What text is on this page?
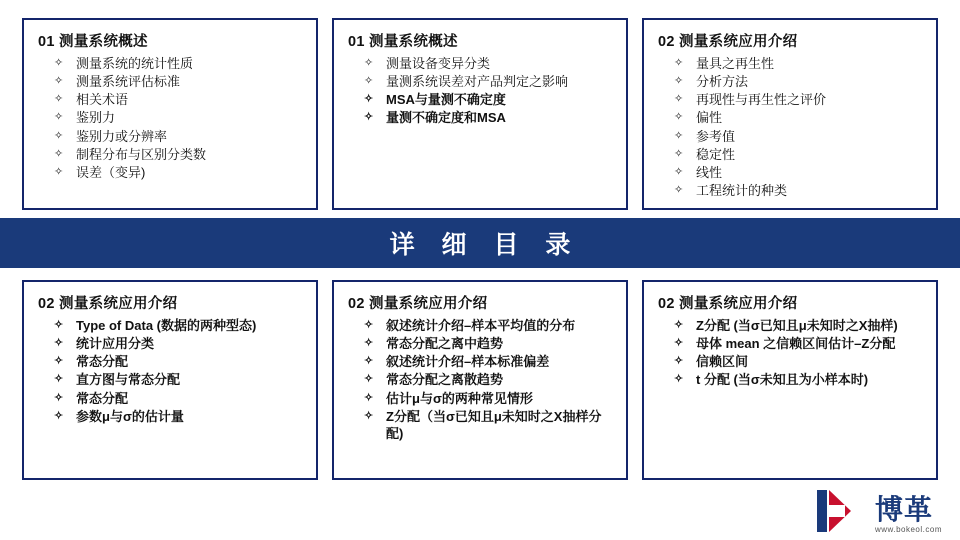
01 测量系统概述
✧ 测量系统的统计性质
✧ 测量系统评估标准
✧ 相关术语
✧ 鉴别力
✧ 鉴别力或分辨率
✧ 制程分布与区别分类数
✧ 误差（变异)
01 测量系统概述
✧ 测量设备变异分类
✧ 量测系统误差对产品判定之影响
✧ MSA与量测不确定度
✧ 量测不确定度和MSA
02 测量系统应用介绍
✧ 量具之再生性
✧ 分析方法
✧ 再现性与再生性之评价
✧ 偏性
✧ 参考值
✧ 稳定性
✧ 线性
✧ 工程统计的种类
详 细 目 录
02 测量系统应用介绍
✧ Type of Data (数据的两种型态)
✧ 统计应用分类
✧ 常态分配
✧ 直方图与常态分配
✧ 常态分配
✧ 参数μ与σ的估计量
02 测量系统应用介绍
✧ 叙述统计介绍–样本平均值的分布
✧ 常态分配之离中趋势
✧ 叙述统计介绍–样本标准偏差
✧ 常态分配之离散趋势
✧ 估计μ与σ的两种常见情形
✧ Z分配（当σ已知且μ未知时之X抽样分配)
02 测量系统应用介绍
✧ Z分配 (当σ已知且μ未知时之X抽样)
✧ 母体 mean 之信赖区间估计–Z分配
✧ 信赖区间
✧ t 分配 (当σ未知且为小样本时)
博革
www.bokeol.com
